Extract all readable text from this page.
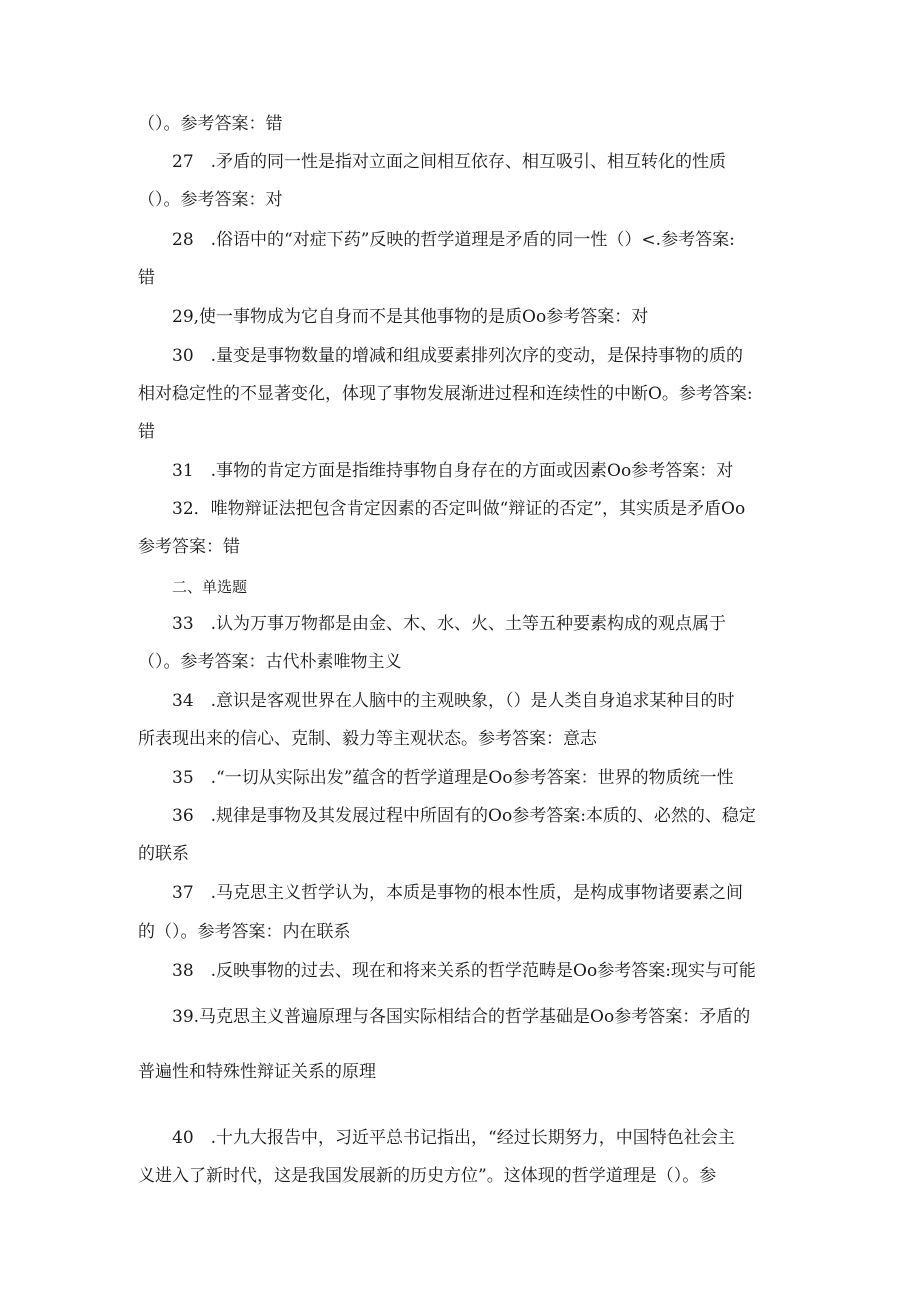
（）。参考答案：错
27　.矛盾的同一性是指对立面之间相互依存、相互吸引、相互转化的性质
（）。参考答案：对
28　.俗语中的“对症下药”反映的哲学道理是矛盾的同一性（）<.参考答案:
错
29,使一事物成为它自身而不是其他事物的是质Oo参考答案：对
30　.量变是事物数量的增减和组成要素排列次序的变动，是保持事物的质的
相对稳定性的不显著变化，体现了事物发展渐进过程和连续性的中断O。参考答案:
错
31　.事物的肯定方面是指维持事物自身存在的方面或因素Oo参考答案：对
32．唯物辩证法把包含肯定因素的否定叫做“辩证的否定”，其实质是矛盾Oo
参考答案：错
二、单选题
33　.认为万事万物都是由金、木、水、火、土等五种要素构成的观点属于
（）。参考答案：古代朴素唯物主义
34　.意识是客观世界在人脑中的主观映象，（）是人类自身追求某种目的时
所表现出来的信心、克制、毅力等主观状态。参考答案：意志
35　.“一切从实际出发”蕴含的哲学道理是Oo参考答案：世界的物质统一性
36　.规律是事物及其发展过程中所固有的Oo参考答案:本质的、必然的、稳定
的联系
37　.马克思主义哲学认为，本质是事物的根本性质，是构成事物诸要素之间
的（）。参考答案：内在联系
38　.反映事物的过去、现在和将来关系的哲学范畴是Oo参考答案:现实与可能
39.马克思主义普遍原理与各国实际相结合的哲学基础是Oo参考答案：矛盾的
普遍性和特殊性辩证关系的原理
40　.十九大报告中，习近平总书记指出，“经过长期努力，中国特色社会主
义进入了新时代，这是我国发展新的历史方位”。这体现的哲学道理是（）。参
